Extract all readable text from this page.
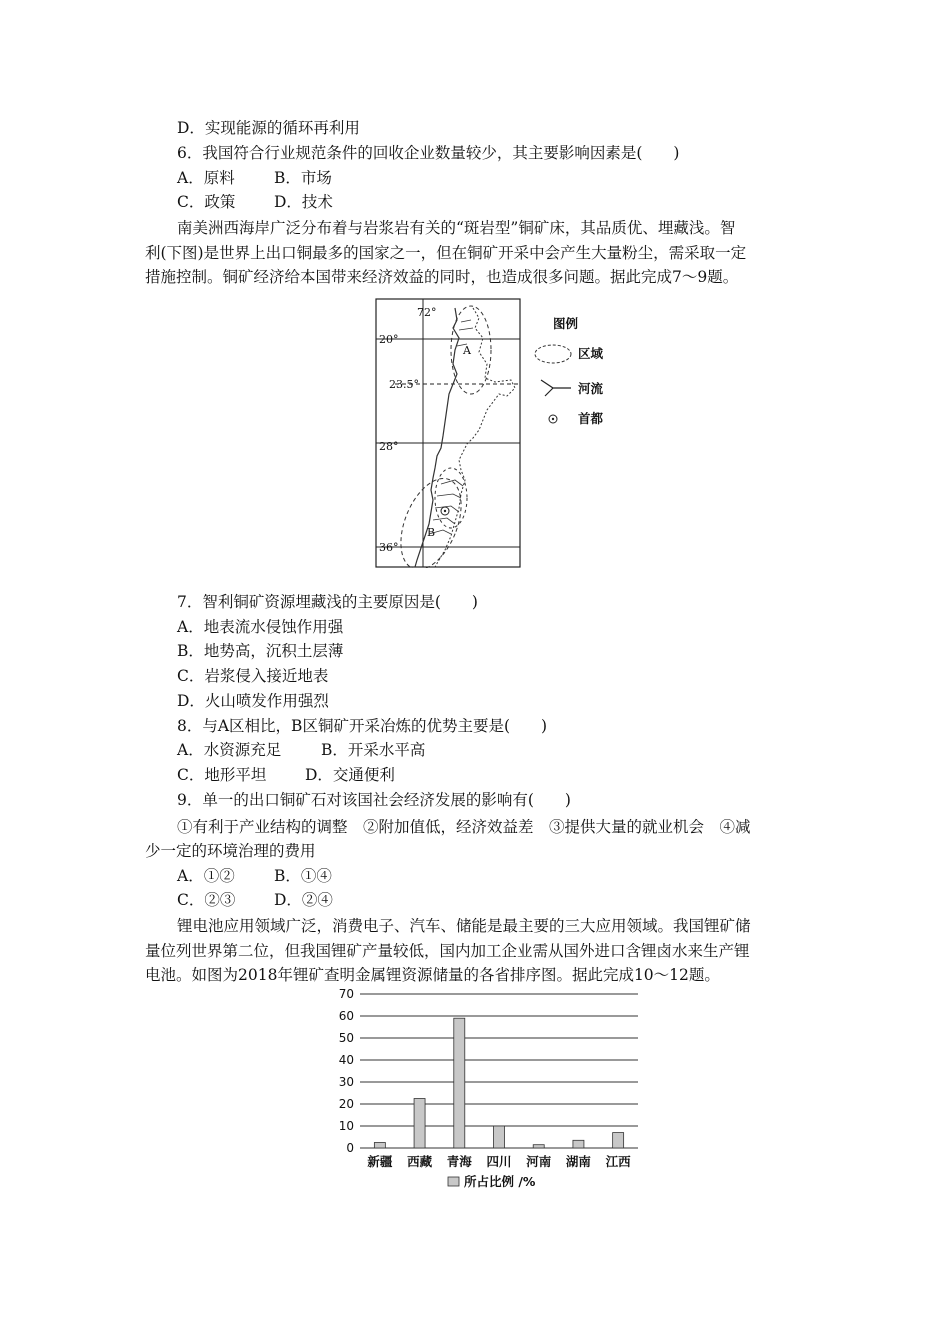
D．实现能源的循环再利用
6．我国符合行业规范条件的回收企业数量较少，其主要影响因素是(　　)
A．原料	B．市场
C．政策 D．技术
南美洲西海岸广泛分布着与岩浆岩有关的“斑岩型”铜矿床，其品质优、埋藏浅。智
利(下图)是世界上出口铜最多的国家之一，但在铜矿开采中会产生大量粉尘，需采取一定
措施控制。铜矿经济给本国带来经济效益的同时，也造成很多问题。据此完成7～9题。
20°
23.5°
28°
36°
72°
A
B
图例
区域
河流
首都
7．智利铜矿资源埋藏浅的主要原因是(　　)
A．地表流水侵蚀作用强
B．地势高，沉积土层薄
C．岩浆侵入接近地表
D．火山喷发作用强烈
8．与A区相比，B区铜矿开采冶炼的优势主要是(　　)
A．水资源充足	B．开采水平高
C．地形平坦 D．交通便利
9．单一的出口铜矿石对该国社会经济发展的影响有(　　)
①有利于产业结构的调整　②附加值低，经济效益差　③提供大量的就业机会　④减
少一定的环境治理的费用
A．①②	B．①④
C．②③ D．②④
锂电池应用领域广泛，消费电子、汽车、储能是最主要的三大应用领域。我国锂矿储
量位列世界第二位，但我国锂矿产量较低，国内加工企业需从国外进口含锂卤水来生产锂
电池。如图为2018年锂矿查明金属锂资源储量的各省排序图。据此完成10～12题。
0
10
20
30
40
50
60
70
新疆 西藏 青海 四川 河南 湖南 江西
所占比例 /%
